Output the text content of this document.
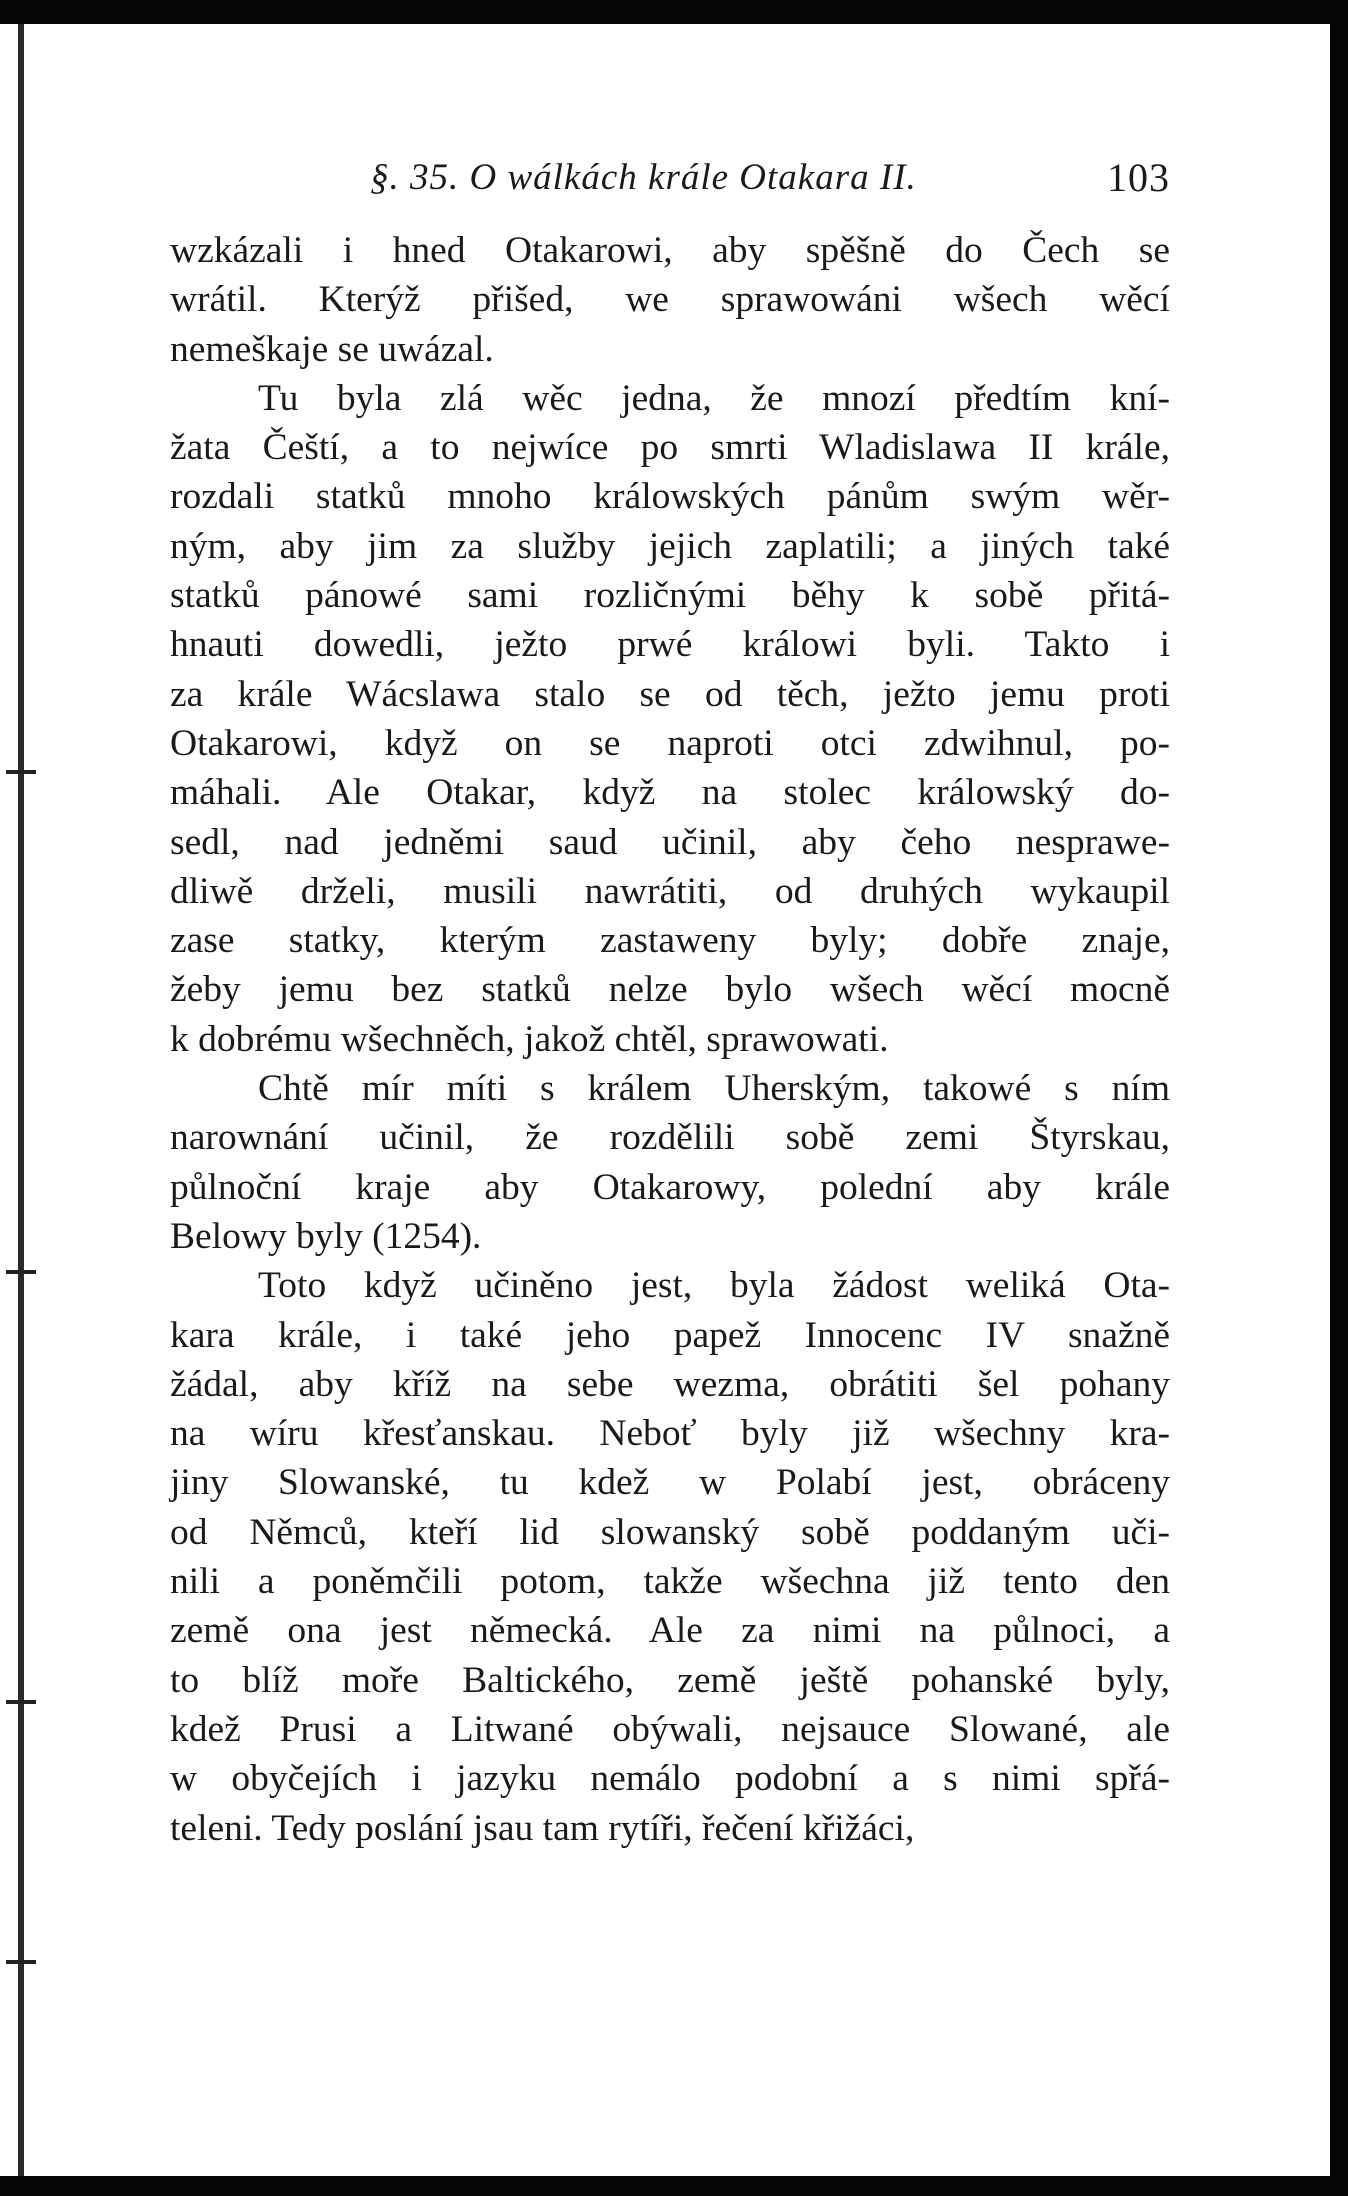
§. 35. O wálkách krále Otakara II.	103
wzkázali i hned Otakarowi, aby spěšně do Čech se
wrátil. Kterýž přišed, we sprawowáni wšech wěcí
nemeškaje se uwázal.
Tu byla zlá wěc jedna, že mnozí předtím kní-
žata Čeští, a to nejwíce po smrti Wladislawa II krále,
rozdali statků mnoho králowských pánům swým wěr-
ným, aby jim za služby jejich zaplatili; a jiných také
statků pánowé sami rozličnými běhy k sobě přitá-
hnauti dowedli, ježto prwé králowi byli. Takto i
za krále Wácslawa stalo se od těch, ježto jemu proti
Otakarowi, když on se naproti otci zdwihnul, po-
máhali. Ale Otakar, když na stolec králowský do-
sedl, nad jedněmi saud učinil, aby čeho nesprawe-
dliwě drželi, musili nawrátiti, od druhých wykaupil
zase statky, kterým zastaweny byly; dobře znaje,
žeby jemu bez statků nelze bylo wšech wěcí mocně
k dobrému wšechněch, jakož chtěl, sprawowati.
Chtě mír míti s králem Uherským, takowé s ním
narownání učinil, že rozdělili sobě zemi Štyrskau,
půlnoční kraje aby Otakarowy, polední aby krále
Belowy byly (1254).
Toto když učiněno jest, byla žádost weliká Ota-
kara krále, i také jeho papež Innocenc IV snažně
žádal, aby kříž na sebe wezma, obrátiti šel pohany
na wíru křesťanskau. Neboť byly již wšechny kra-
jiny Slowanské, tu kdež w Polabí jest, obráceny
od Němců, kteří lid slowanský sobě poddaným uči-
nili a poněmčili potom, takže wšechna již tento den
země ona jest německá. Ale za nimi na půlnoci, a
to blíž moře Baltického, země ještě pohanské byly,
kdež Prusi a Litwané obýwali, nejsauce Slowané, ale
w obyčejích i jazyku nemálo podobní a s nimi spřá-
teleni. Tedy poslání jsau tam rytíři, řečení křižáci,
